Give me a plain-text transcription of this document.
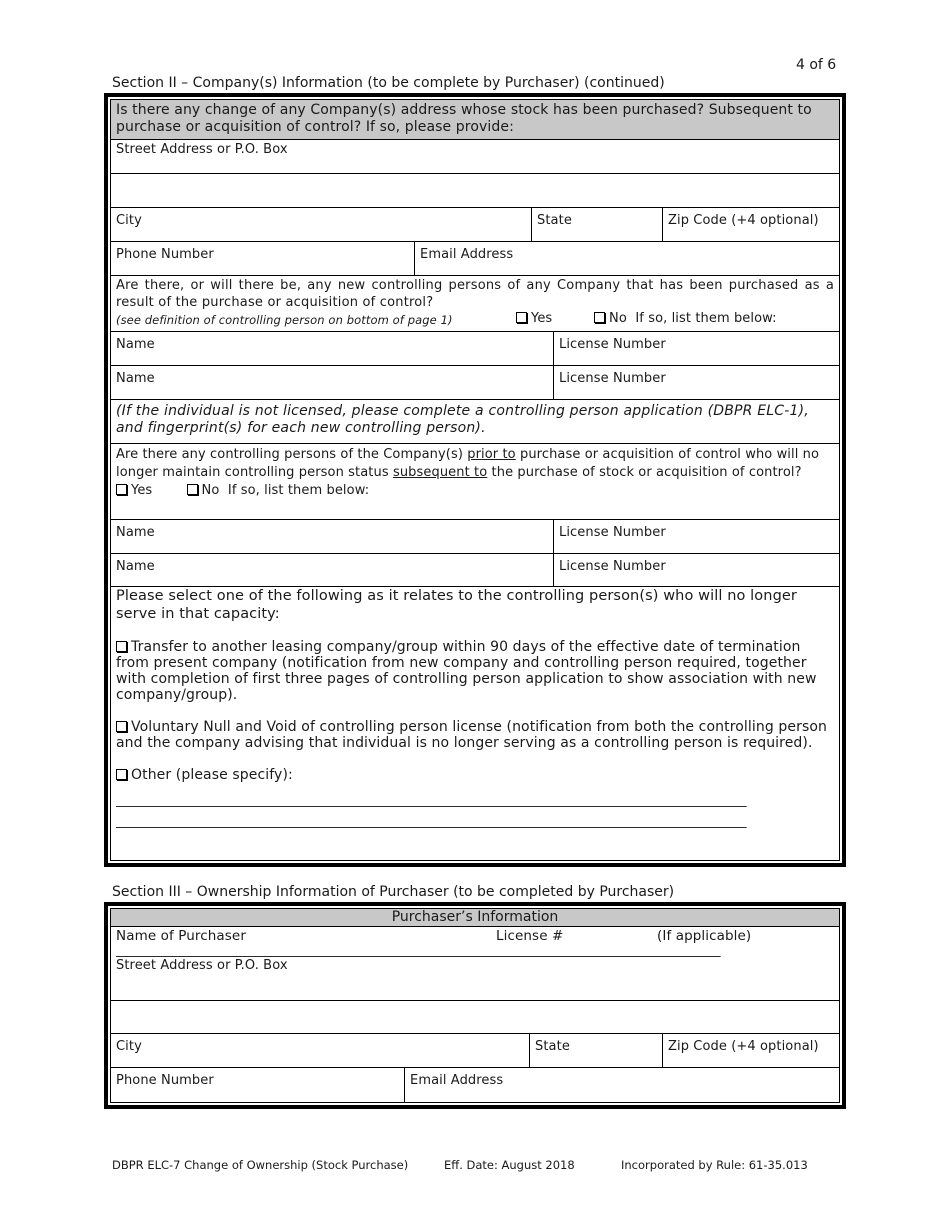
4 of 6
Section II – Company(s) Information (to be complete by Purchaser) (continued)
Is there any change of any Company(s) address whose stock has been purchased? Subsequent to purchase or acquisition of control? If so, please provide:
Street Address or P.O. Box
City	State	Zip Code (+4 optional)
Phone Number	Email Address
Are there, or will there be, any new controlling persons of any Company that has been purchased as a result of the purchase or acquisition of control?
(see definition of controlling person on bottom of page 1)	Yes	No If so, list them below:
Name	License Number
Name	License Number
(If the individual is not licensed, please complete a controlling person application (DBPR ELC-1), and fingerprint(s) for each new controlling person).
Are there any controlling persons of the Company(s) prior to purchase or acquisition of control who will no longer maintain controlling person status subsequent to the purchase of stock or acquisition of control?
Yes	No If so, list them below:
Name	License Number
Name	License Number

Please select one of the following as it relates to the controlling person(s) who will no longer serve in that capacity:

Transfer to another leasing company/group within 90 days of the effective date of termination from present company (notification from new company and controlling person required, together with completion of first three pages of controlling person application to show association with new company/group).

Voluntary Null and Void of controlling person license (notification from both the controlling person and the company advising that individual is no longer serving as a controlling person is required).

Other (please specify):

_________________________________________________________________________________________________
_________________________________________________________________________________________________
Section III – Ownership Information of Purchaser (to be completed by Purchaser)
Purchaser’s Information
Name of Purchaser	License #	(If applicable)
_____________________________________________________________________________________________
Street Address or P.O. Box
City	State	Zip Code (+4 optional)
Phone Number	Email Address
DBPR ELC-7 Change of Ownership (Stock Purchase)	Eff. Date: August 2018	Incorporated by Rule: 61-35.013
